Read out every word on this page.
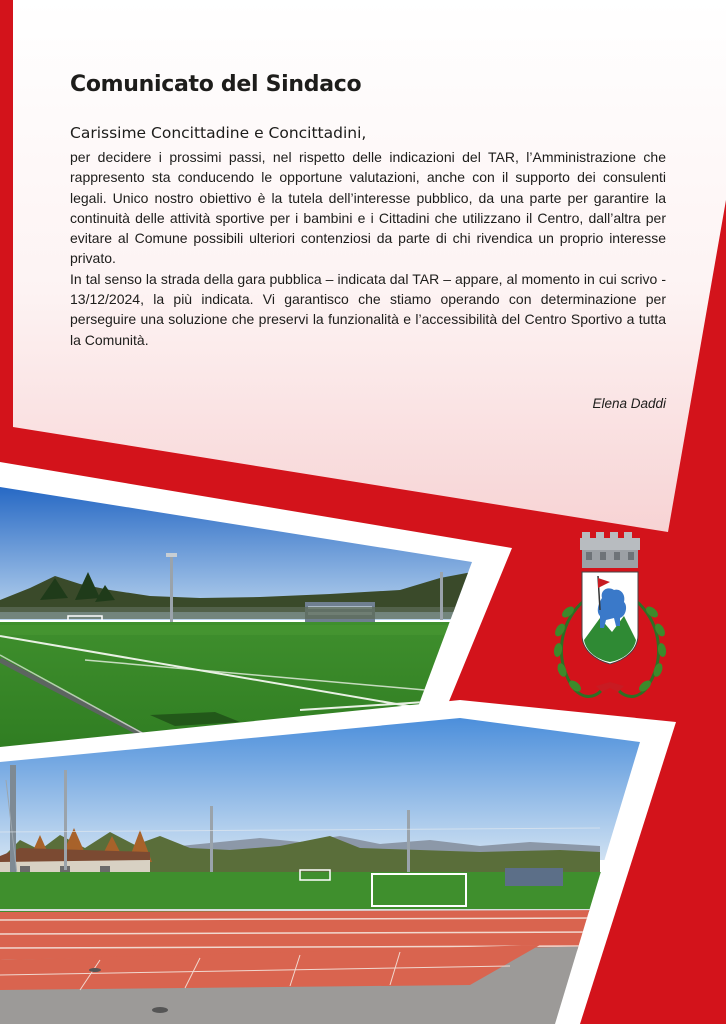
Comunicato del Sindaco
Carissime Concittadine e Concittadini,

per decidere i prossimi passi, nel rispetto delle indicazioni del TAR, l’Amministrazione che rappresento sta conducendo le opportune valutazioni, anche con il supporto dei consulenti legali. Unico nostro obiettivo è la tutela dell’interesse pubblico, da una parte per garantire la continuità delle attività sportive per i bambini e i Cittadini che utilizzano il Centro, dall’altra per evitare al Comune possibili ulteriori contenziosi da parte di chi rivendica un proprio interesse privato.

In tal senso la strada della gara pubblica – indicata dal TAR – appare, al momento in cui scrivo - 13/12/2024, la più indicata. Vi garantisco che stiamo operando con determinazione per perseguire una soluzione che preservi la funzionalità e l’accessibilità del Centro Sportivo a tutta la Comunità.

Elena Daddi
